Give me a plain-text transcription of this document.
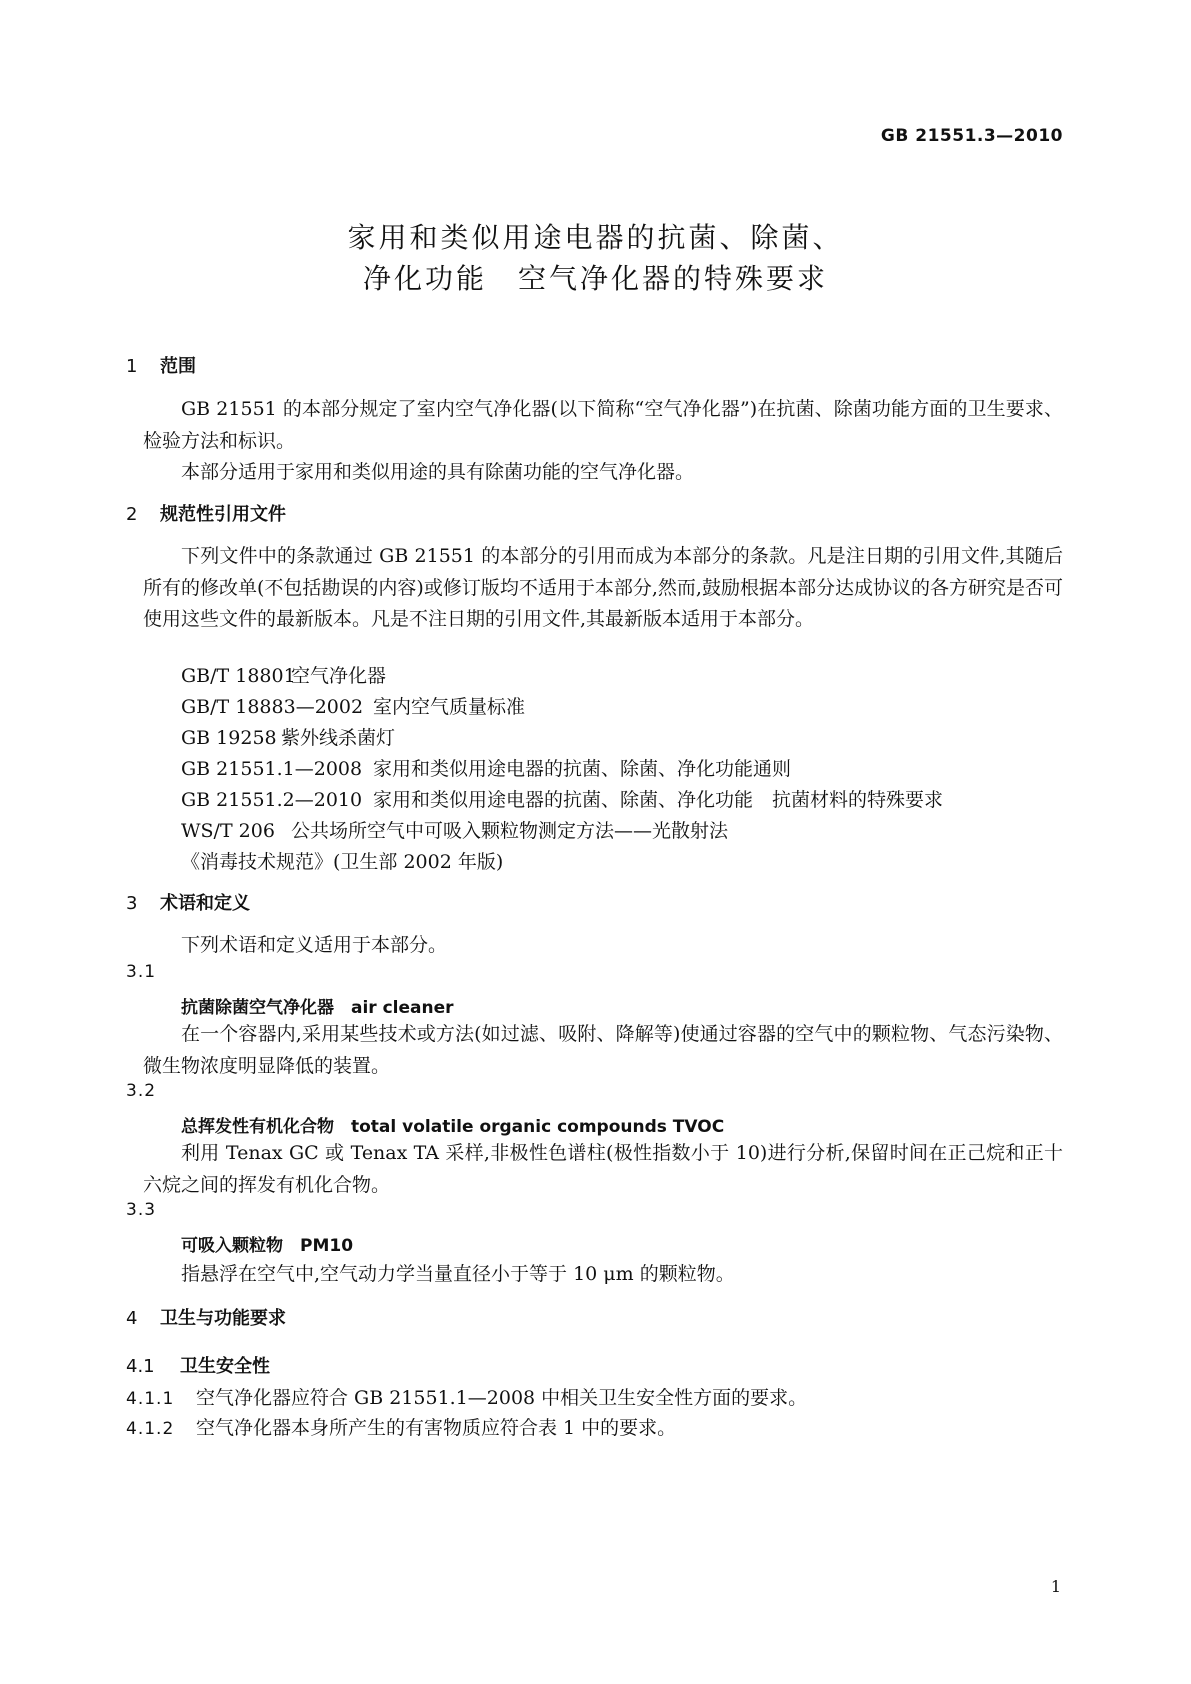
GB 21551.3—2010
家用和类似用途电器的抗菌、除菌、
净化功能　空气净化器的特殊要求
1 范围
GB 21551 的本部分规定了室内空气净化器(以下简称“空气净化器”)在抗菌、除菌功能方面的卫生要求、检验方法和标识。
本部分适用于家用和类似用途的具有除菌功能的空气净化器。
2 规范性引用文件
下列文件中的条款通过 GB 21551 的本部分的引用而成为本部分的条款。凡是注日期的引用文件,其随后所有的修改单(不包括勘误的内容)或修订版均不适用于本部分,然而,鼓励根据本部分达成协议的各方研究是否可使用这些文件的最新版本。凡是不注日期的引用文件,其最新版本适用于本部分。
GB/T 18801空气净化器
GB/T 18883—2002 室内空气质量标准
GB 19258 紫外线杀菌灯
GB 21551.1—2008 家用和类似用途电器的抗菌、除菌、净化功能通则
GB 21551.2—2010 家用和类似用途电器的抗菌、除菌、净化功能　抗菌材料的特殊要求
WS/T 206 公共场所空气中可吸入颗粒物测定方法——光散射法
《消毒技术规范》(卫生部 2002 年版)
3 术语和定义
下列术语和定义适用于本部分。
3.1
抗菌除菌空气净化器　air cleaner
在一个容器内,采用某些技术或方法(如过滤、吸附、降解等)使通过容器的空气中的颗粒物、气态污染物、微生物浓度明显降低的装置。
3.2
总挥发性有机化合物　total volatile organic compounds TVOC
利用 Tenax GC 或 Tenax TA 采样,非极性色谱柱(极性指数小于 10)进行分析,保留时间在正己烷和正十六烷之间的挥发有机化合物。
3.3
可吸入颗粒物　PM10
指悬浮在空气中,空气动力学当量直径小于等于 10 μm 的颗粒物。
4 卫生与功能要求
4.1 卫生安全性
4.1.1 空气净化器应符合 GB 21551.1—2008 中相关卫生安全性方面的要求。
4.1.2 空气净化器本身所产生的有害物质应符合表 1 中的要求。
1
